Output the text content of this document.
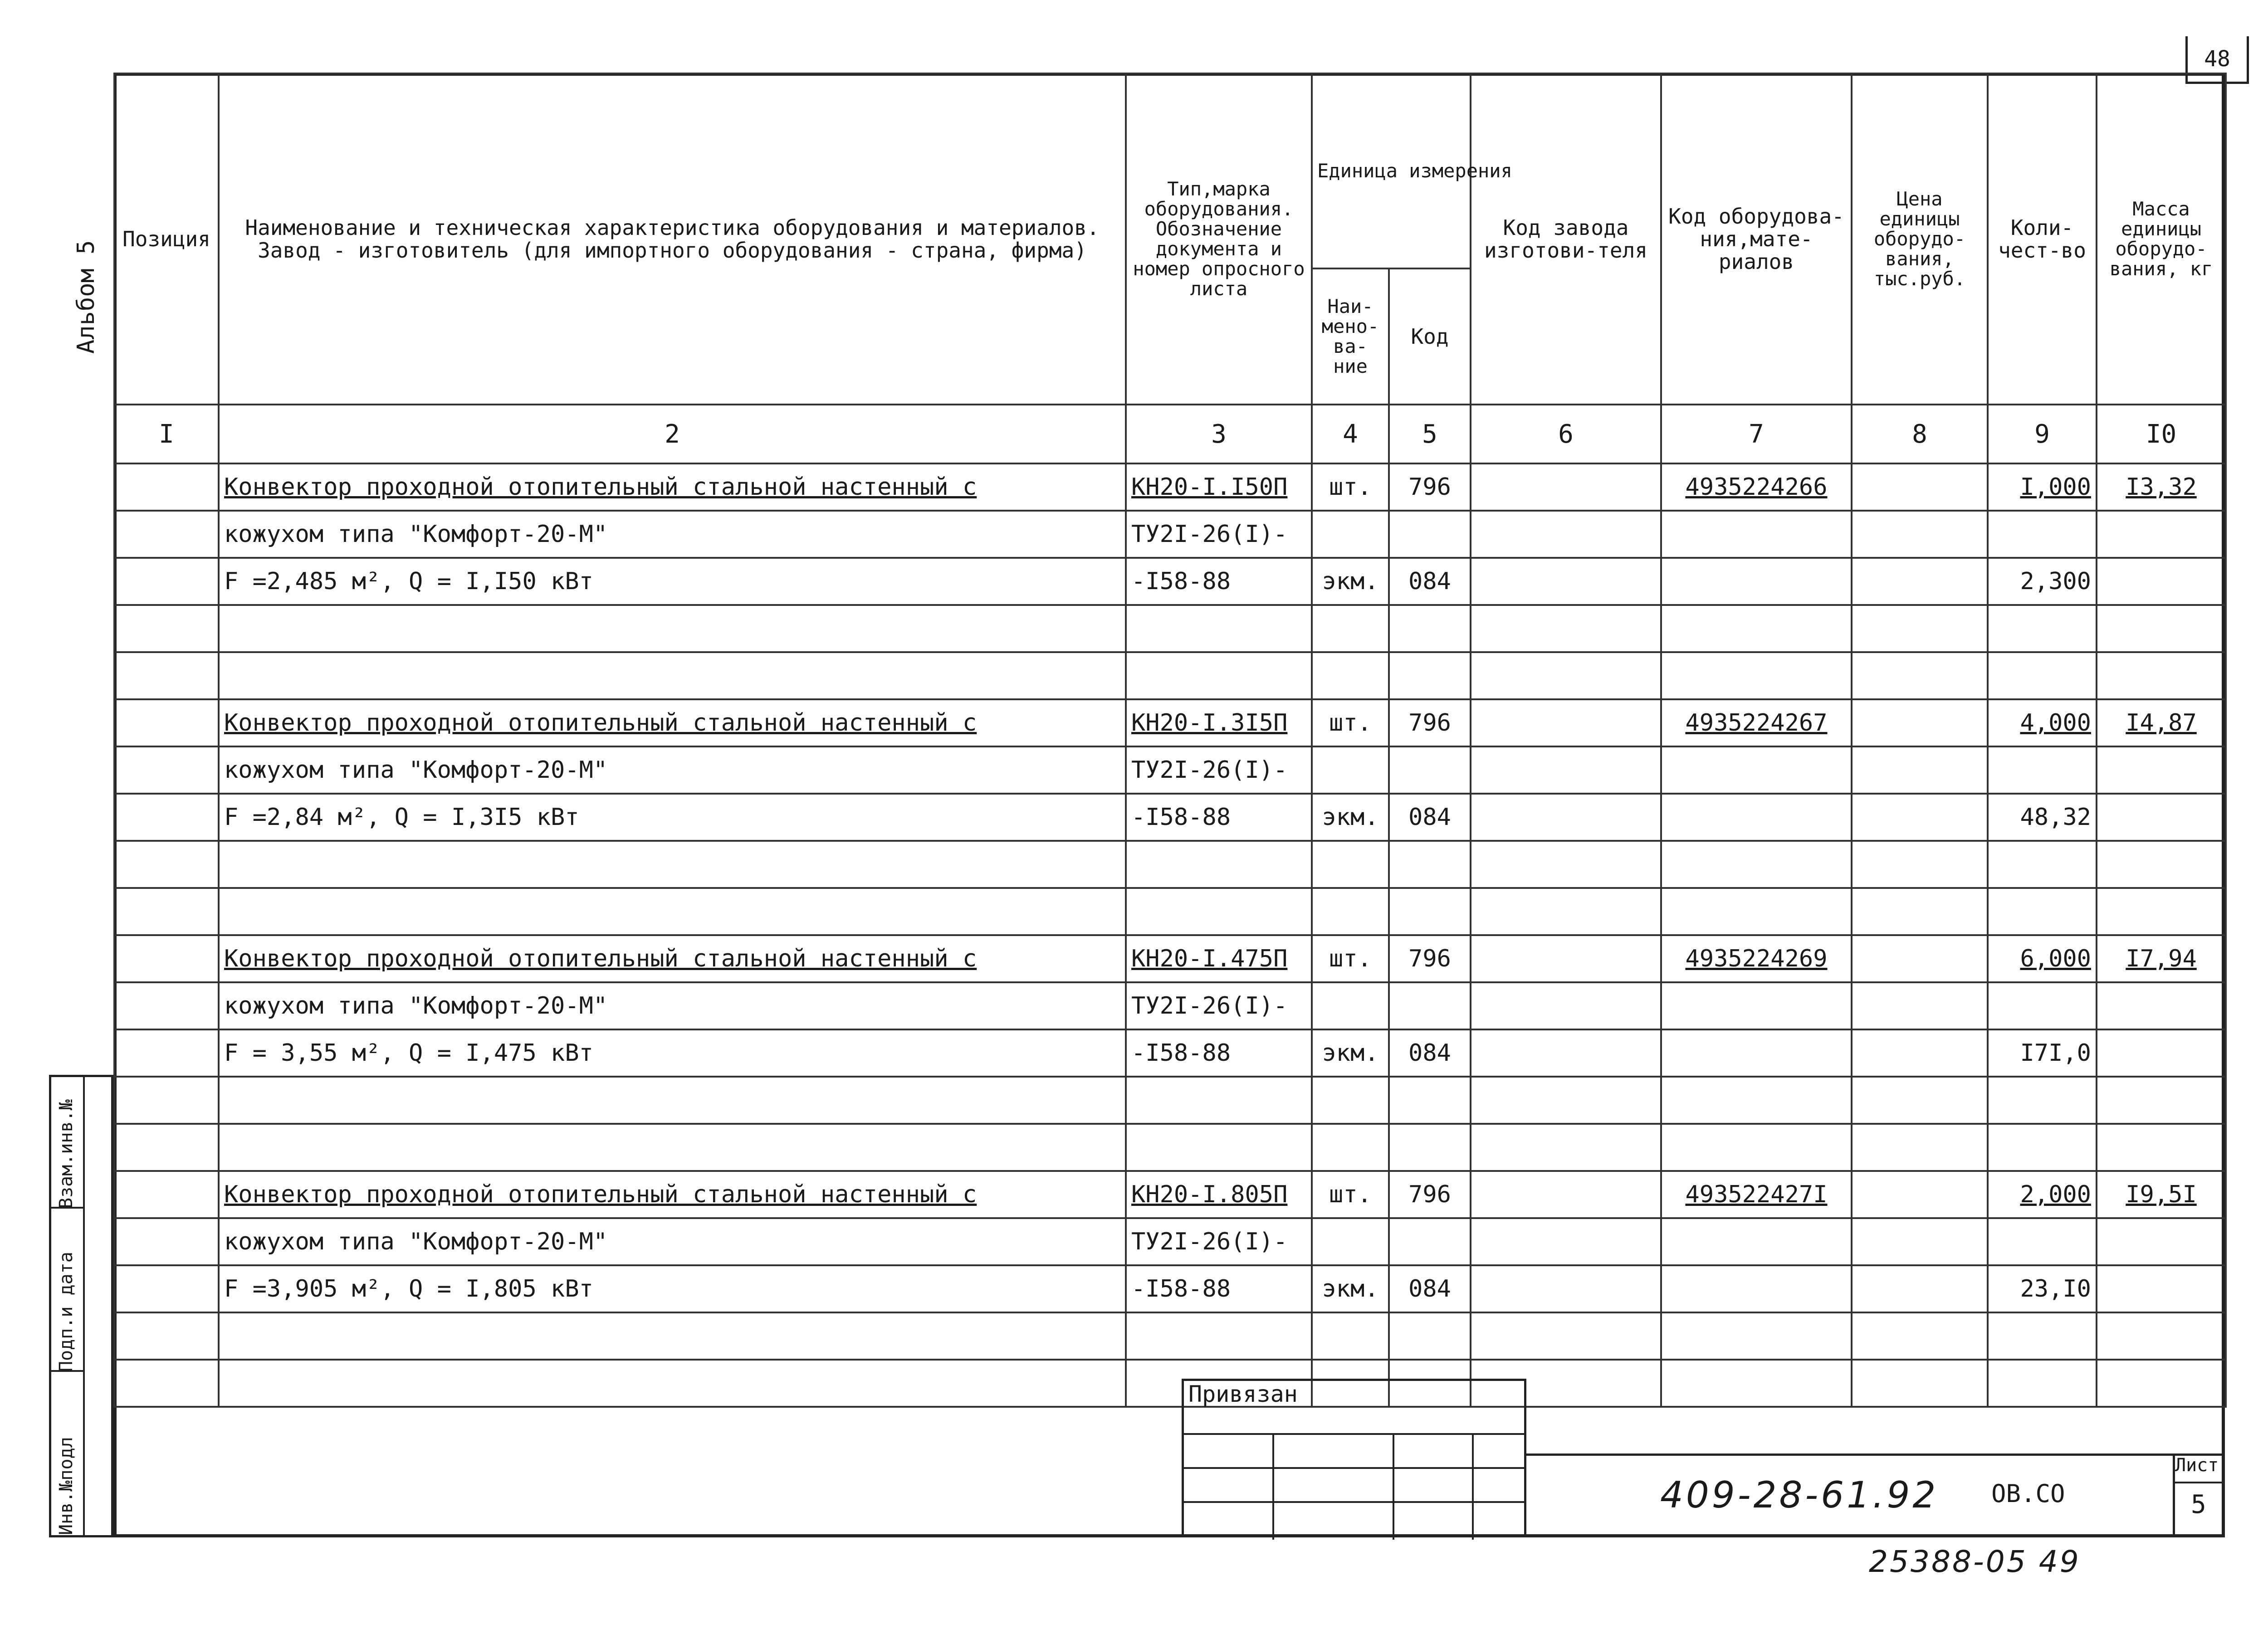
48
Альбом 5
Инв.№подл
Подп.и дата
Взам.инв.№
Позиция	Наименование и техническая характеристика оборудования и материалов. Завод - изготовитель (для импортного оборудования - страна, фирма)	Тип,марка оборудования. Обозначение документа и номер опросного листа	Единица измерения		Код завода изготови-теля	Код оборудова-ния,мате-риалов	Цена единицы оборудо-вания, тыс.руб.	Коли-чест-во	Масса единицы оборудо-вания, кг
			Наи-мено-ва-ние	Код					
I	2	3	4	5	6	7	8	9	I0
	Конвектор проходной отопительный стальной настенный с	КН20-I.I50П	шт.	796		4935224266		I,000	I3,32
	кожухом типа "Комфорт-20-М"	ТУ2I-26(I)-							
	F =2,485 м², Q = I,I50 кВт	-I58-88	экм.	084				2,300	

	Конвектор проходной отопительный стальной настенный с	КН20-I.3I5П	шт.	796		4935224267		4,000	I4,87
	кожухом типа "Комфорт-20-М"	ТУ2I-26(I)-							
	F =2,84 м², Q = I,3I5 кВт	-I58-88	экм.	084				48,32	

	Конвектор проходной отопительный стальной настенный с	КН20-I.475П	шт.	796		4935224269		6,000	I7,94
	кожухом типа "Комфорт-20-М"	ТУ2I-26(I)-							
	F = 3,55 м², Q = I,475 кВт	-I58-88	экм.	084				I7I,0	

	Конвектор проходной отопительный стальной настенный с	КН20-I.805П	шт.	796		493522427I		2,000	I9,5I
	кожухом типа "Комфорт-20-М"	ТУ2I-26(I)-							
	F =3,905 м², Q = I,805 кВт	-I58-88	экм.	084				23,I0	

Привязан
409-28-61.92 ОВ.СО
Лист
5
25388-05 49
